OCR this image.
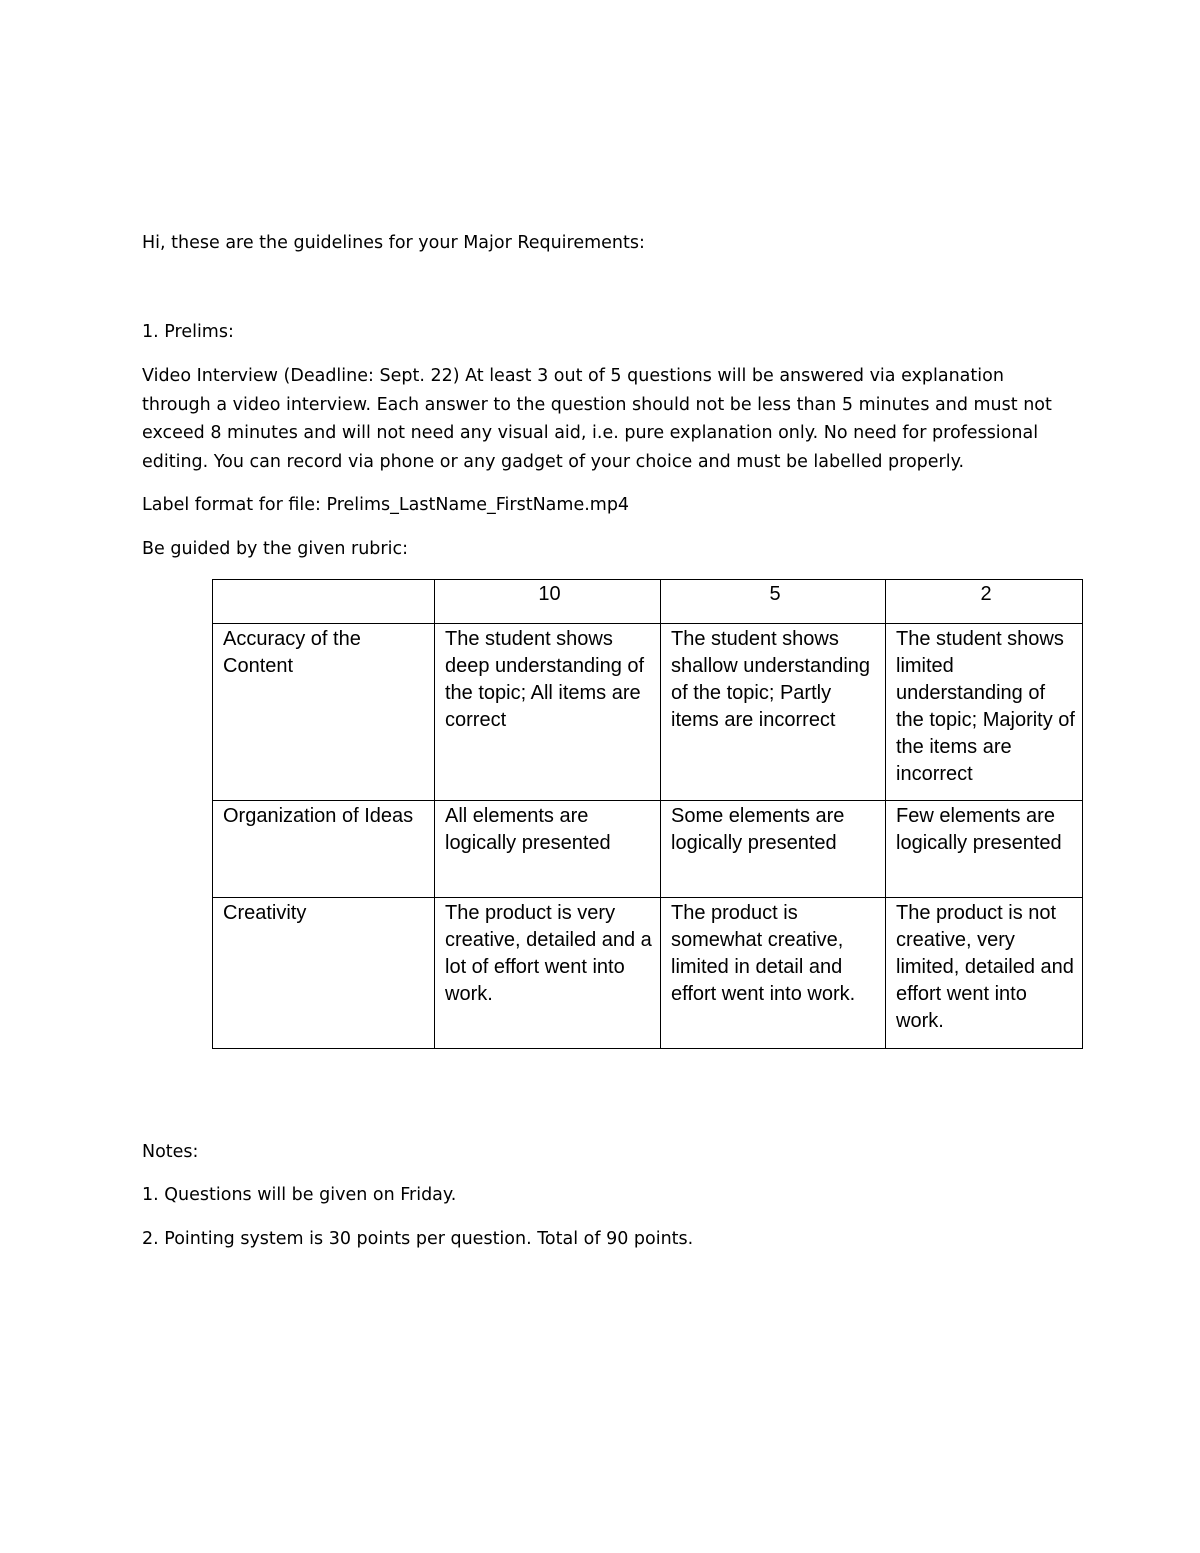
Hi, these are the guidelines for your Major Requirements:
1. Prelims:
Video Interview (Deadline: Sept. 22) At least 3 out of 5 questions will be answered via explanation through a video interview. Each answer to the question should not be less than 5 minutes and must not exceed 8 minutes and will not need any visual aid, i.e. pure explanation only. No need for professional editing. You can record via phone or any gadget of your choice and must be labelled properly.
Label format for file: Prelims_LastName_FirstName.mp4
Be guided by the given rubric:
	10	5	2
Accuracy of the Content	The student shows deep understanding of the topic; All items are correct	The student shows shallow understanding of the topic; Partly items are incorrect	The student shows limited understanding of the topic; Majority of the items are incorrect
Organization of Ideas	All elements are logically presented	Some elements are logically presented	Few elements are logically presented
Creativity	The product is very creative, detailed and a lot of effort went into work.	The product is somewhat creative, limited in detail and effort went into work.	The product is not creative, very limited, detailed and effort went into work.
Notes:
1. Questions will be given on Friday.
2. Pointing system is 30 points per question. Total of 90 points.
